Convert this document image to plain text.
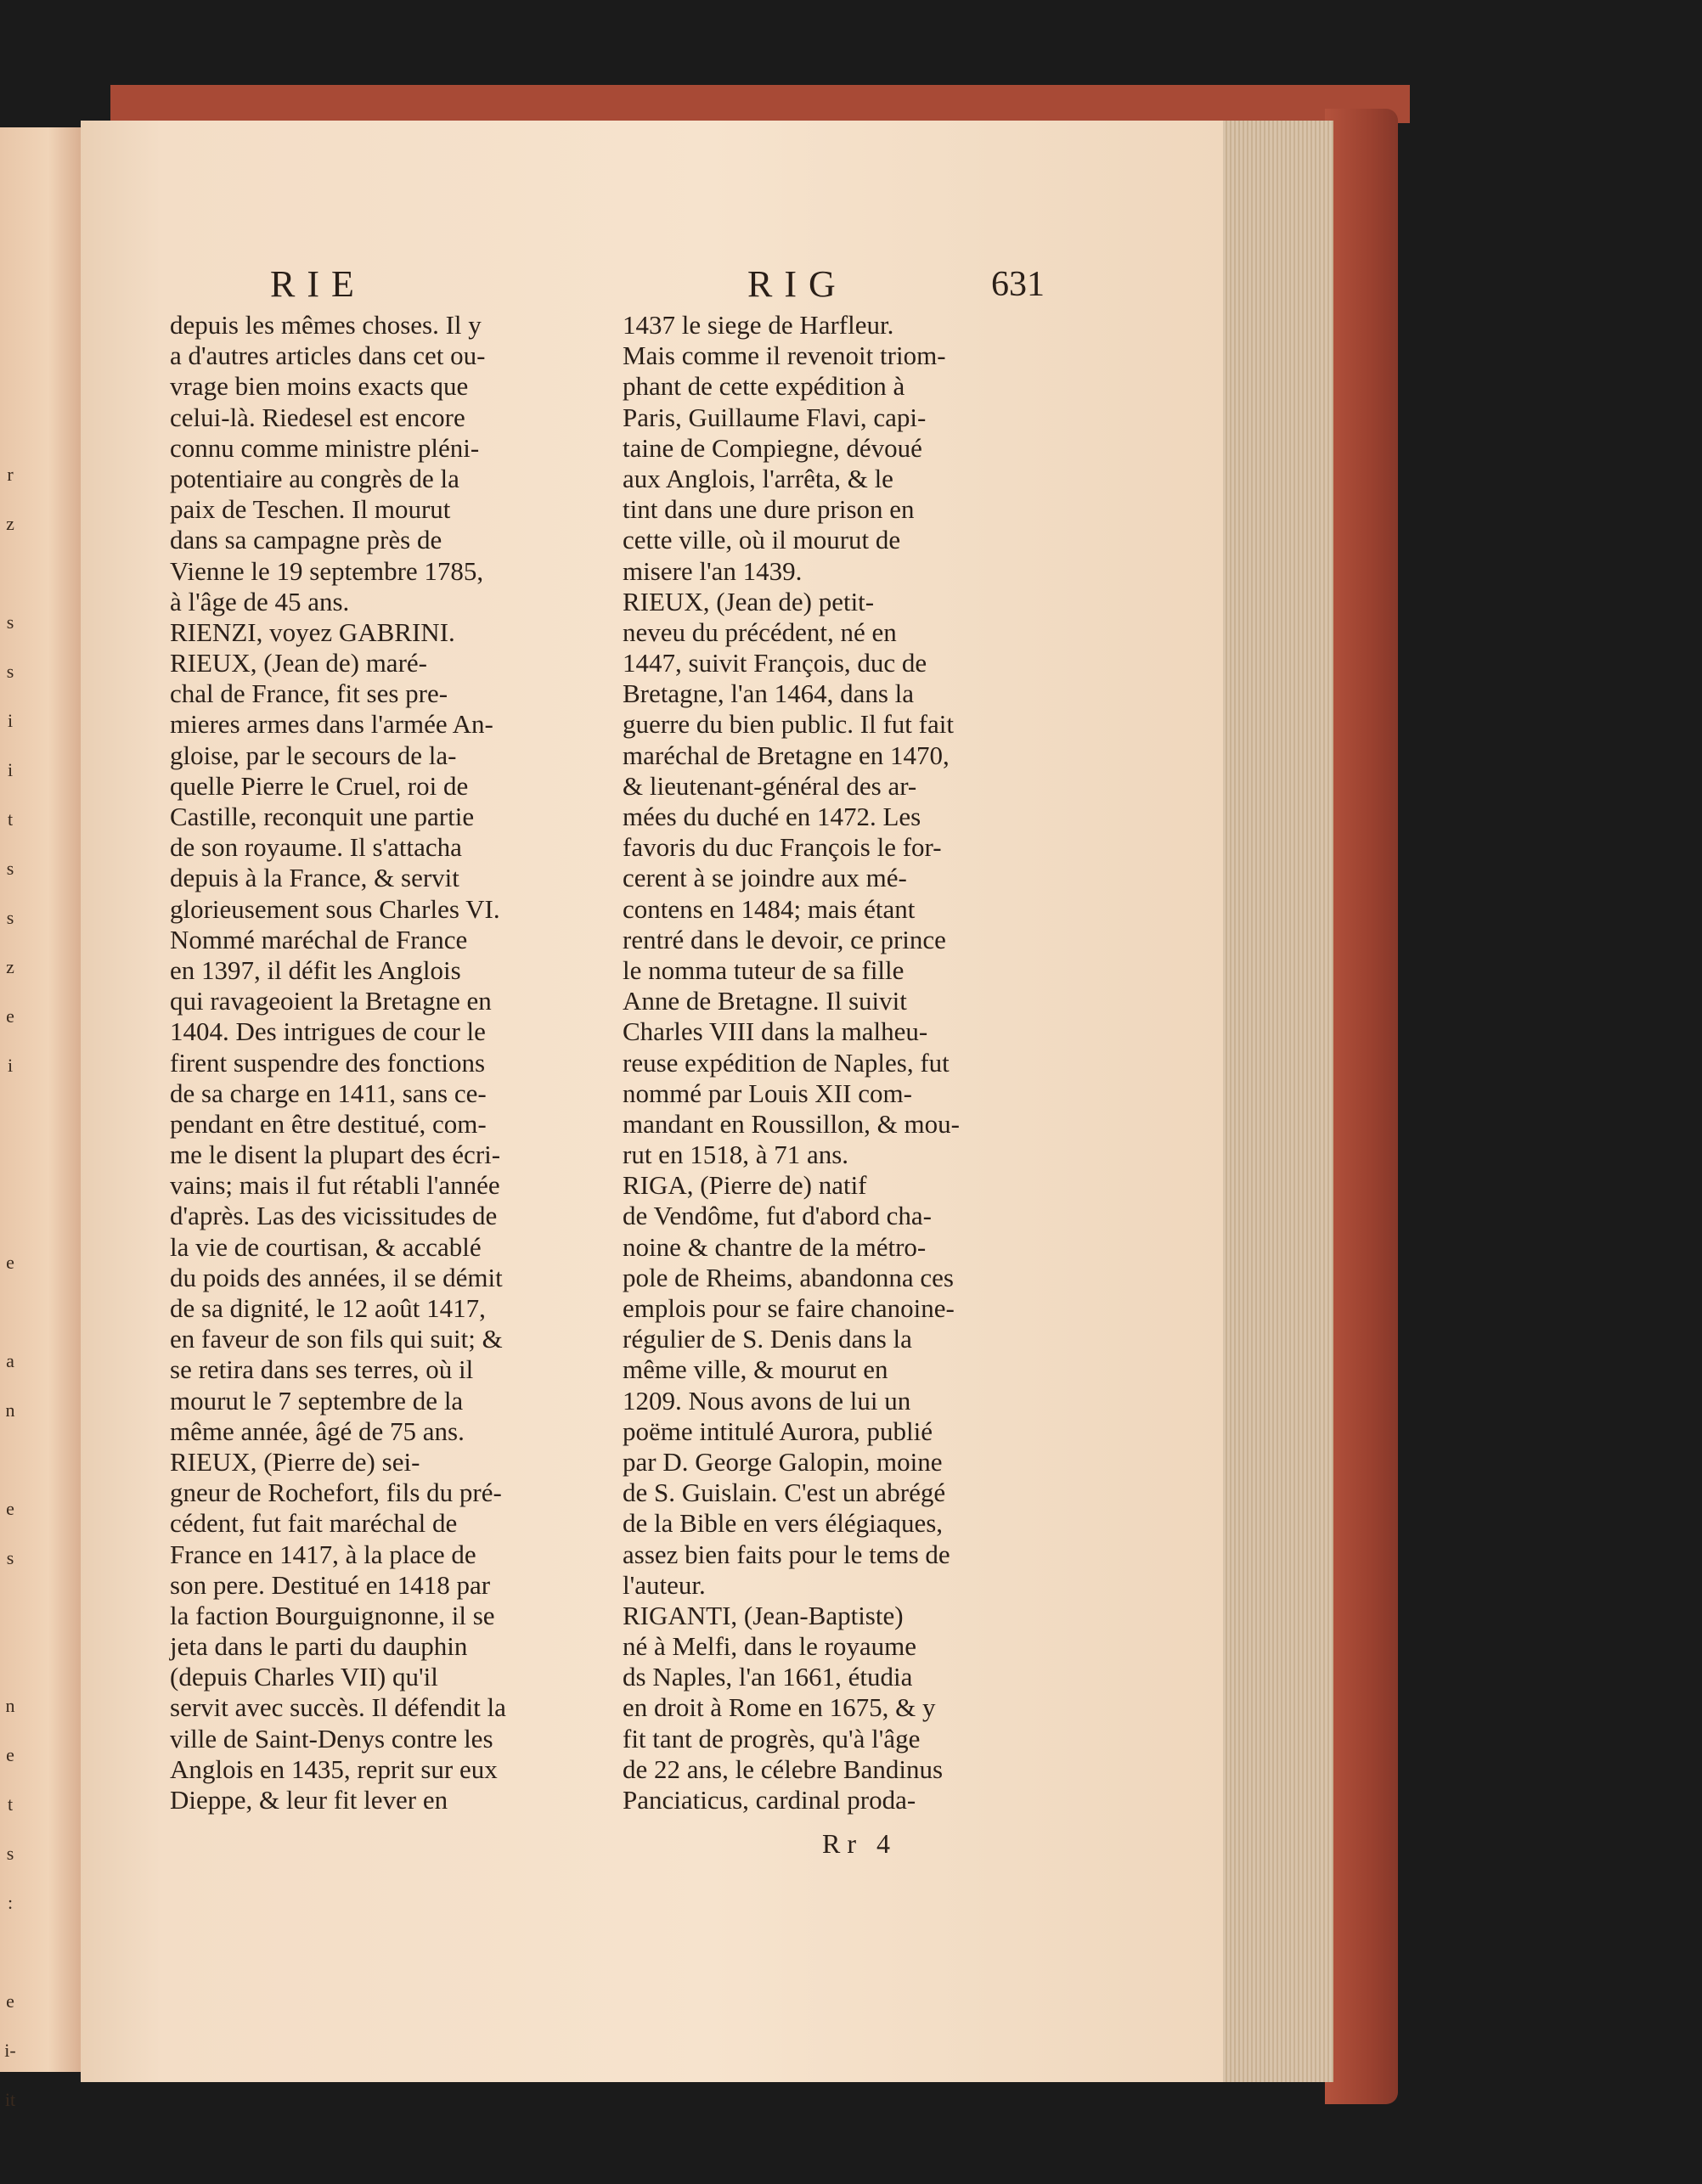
r
z
s
s
i
i
t
s
s
z
e
i
e
a
n
e
s
n
e
t
s
:
e
i-
it
RIE	RIG	631
depuis les mêmes choses. Il y
a d'autres articles dans cet ou-
vrage bien moins exacts que
celui-là. Riedesel est encore
connu comme ministre pléni-
potentiaire au congrès de la
paix de Teschen. Il mourut
dans sa campagne près de
Vienne le 19 septembre 1785,
à l'âge de 45 ans.
RIENZI, voyez GABRINI.
RIEUX, (Jean de) maré-
chal de France, fit ses pre-
mieres armes dans l'armée An-
gloise, par le secours de la-
quelle Pierre le Cruel, roi de
Castille, reconquit une partie
de son royaume. Il s'attacha
depuis à la France, & servit
glorieusement sous Charles VI.
Nommé maréchal de France
en 1397, il défit les Anglois
qui ravageoient la Bretagne en
1404. Des intrigues de cour le
firent suspendre des fonctions
de sa charge en 1411, sans ce-
pendant en être destitué, com-
me le disent la plupart des écri-
vains; mais il fut rétabli l'année
d'après. Las des vicissitudes de
la vie de courtisan, & accablé
du poids des années, il se démit
de sa dignité, le 12 août 1417,
en faveur de son fils qui suit; &
se retira dans ses terres, où il
mourut le 7 septembre de la
même année, âgé de 75 ans.
RIEUX, (Pierre de) sei-
gneur de Rochefort, fils du pré-
cédent, fut fait maréchal de
France en 1417, à la place de
son pere. Destitué en 1418 par
la faction Bourguignonne, il se
jeta dans le parti du dauphin
(depuis Charles VII) qu'il
servit avec succès. Il défendit la
ville de Saint-Denys contre les
Anglois en 1435, reprit sur eux
Dieppe, & leur fit lever en
1437 le siege de Harfleur.
Mais comme il revenoit triom-
phant de cette expédition à
Paris, Guillaume Flavi, capi-
taine de Compiegne, dévoué
aux Anglois, l'arrêta, & le
tint dans une dure prison en
cette ville, où il mourut de
misere l'an 1439.
RIEUX, (Jean de) petit-
neveu du précédent, né en
1447, suivit François, duc de
Bretagne, l'an 1464, dans la
guerre du bien public. Il fut fait
maréchal de Bretagne en 1470,
& lieutenant-général des ar-
mées du duché en 1472. Les
favoris du duc François le for-
cerent à se joindre aux mé-
contens en 1484; mais étant
rentré dans le devoir, ce prince
le nomma tuteur de sa fille
Anne de Bretagne. Il suivit
Charles VIII dans la malheu-
reuse expédition de Naples, fut
nommé par Louis XII com-
mandant en Roussillon, & mou-
rut en 1518, à 71 ans.
RIGA, (Pierre de) natif
de Vendôme, fut d'abord cha-
noine & chantre de la métro-
pole de Rheims, abandonna ces
emplois pour se faire chanoine-
régulier de S. Denis dans la
même ville, & mourut en
1209. Nous avons de lui un
poëme intitulé Aurora, publié
par D. George Galopin, moine
de S. Guislain. C'est un abrégé
de la Bible en vers élégiaques,
assez bien faits pour le tems de
l'auteur.
RIGANTI, (Jean-Baptiste)
né à Melfi, dans le royaume
ds Naples, l'an 1661, étudia
en droit à Rome en 1675, & y
fit tant de progrès, qu'à l'âge
de 22 ans, le célebre Bandinus
Panciaticus, cardinal proda-
Rr 4
